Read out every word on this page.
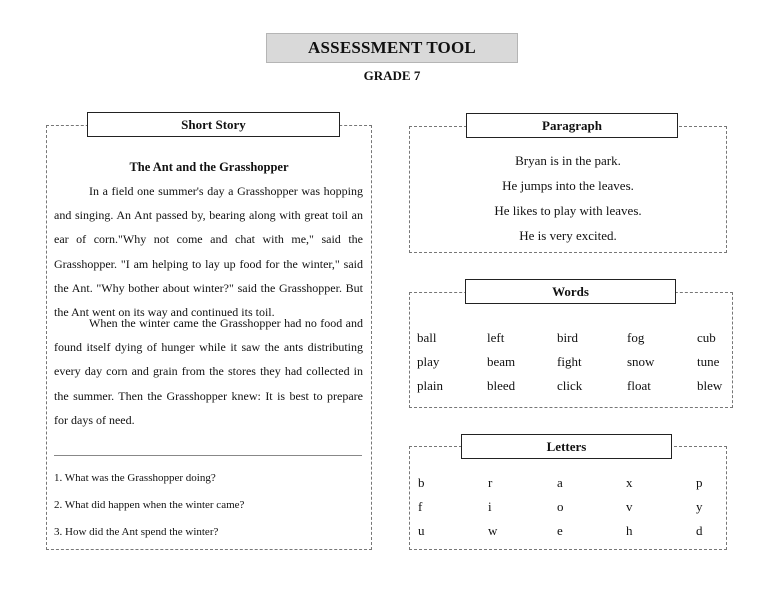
ASSESSMENT TOOL
GRADE 7
The Ant and the Grasshopper

In a field one summer's day a Grasshopper was hopping and singing. An Ant passed by, bearing along with great toil an ear of corn."Why not come and chat with me," said the Grasshopper. "I am helping to lay up food for the winter," said the Ant. "Why bother about winter?" said the Grasshopper. But the Ant went on its way and continued its toil.

When the winter came the Grasshopper had no food and found itself dying of hunger while it saw the ants distributing every day corn and grain from the stores they had collected in the summer. Then the Grasshopper knew: It is best to prepare for days of need.

1. What was the Grasshopper doing?
2. What did happen when the winter came?
3. How did the Ant spend the winter?
Short Story
Bryan is in the park.
He jumps into the leaves.
He likes to play with leaves.
He is very excited.
Paragraph
ball	left	bird	fog	cub
play	beam	fight	snow	tune
plain	bleed	click	float	blew
Words
b	r	a	x	p
f	i	o	v	y
u	w	e	h	d
Letters
